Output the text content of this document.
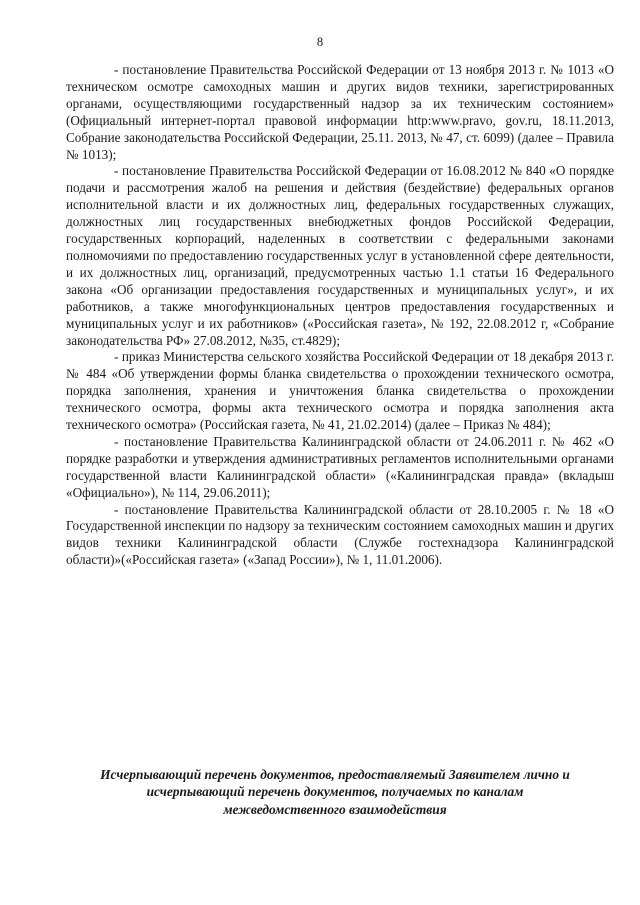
8

- постановление Правительства Российской Федерации от 13 ноября 2013 г. № 1013 «О техническом осмотре самоходных машин и других видов техники, зарегистрированных органами, осуществляющими государственный надзор за их техническим состоянием» (Официальный интернет-портал правовой информации http:www.pravo, gov.ru, 18.11.2013, Собрание законодательства Российской Федерации, 25.11. 2013, № 47, ст. 6099) (далее – Правила № 1013);

- постановление Правительства Российской Федерации от 16.08.2012 № 840 «О порядке подачи и рассмотрения жалоб на решения и действия (бездействие) федеральных органов исполнительной власти и их должностных лиц, федеральных государственных служащих, должностных лиц государственных внебюджетных фондов Российской Федерации, государственных корпораций, наделенных в соответствии с федеральными законами полномочиями по предоставлению государственных услуг в установленной сфере деятельности, и их должностных лиц, организаций, предусмотренных частью 1.1 статьи 16 Федерального закона «Об организации предоставления государственных и муниципальных услуг», и их работников, а также многофункциональных центров предоставления государственных и муниципальных услуг и их работников» («Российская газета», № 192, 22.08.2012 г, «Собрание законодательства РФ» 27.08.2012, №35, ст.4829);

- приказ Министерства сельского хозяйства Российской Федерации от 18 декабря 2013 г. № 484 «Об утверждении формы бланка свидетельства о прохождении технического осмотра, порядка заполнения, хранения и уничтожения бланка свидетельства о прохождении технического осмотра, формы акта технического осмотра и порядка заполнения акта технического осмотра» (Российская газета, № 41, 21.02.2014) (далее – Приказ № 484);

- постановление Правительства Калининградской области от 24.06.2011 г. № 462 «О порядке разработки и утверждения административных регламентов исполнительными органами государственной власти Калининградской области» («Калининградская правда» (вкладыш «Официально»), № 114, 29.06.2011);

- постановление Правительства Калининградской области от 28.10.2005 г. № 18 «О Государственной инспекции по надзору за техническим состоянием самоходных машин и других видов техники Калининградской области (Службе гостехнадзора Калининградской области)»(«Российская газета» («Запад России»), № 1, 11.01.2006).

Исчерпывающий перечень документов, предоставляемый Заявителем лично и исчерпывающий перечень документов, получаемых по каналам межведомственного взаимодействия
